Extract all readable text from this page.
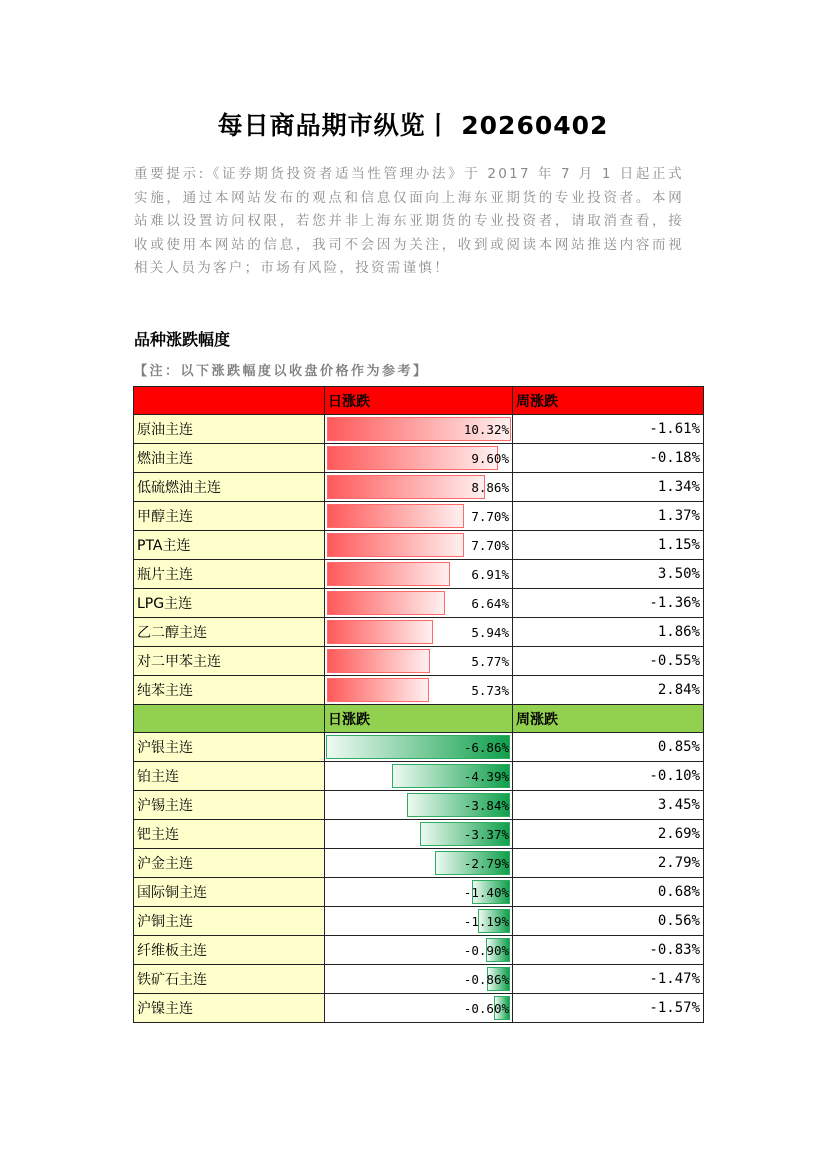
每日商品期市纵览丨 20260402
重要提示:《证券期货投资者适当性管理办法》于 2017 年 7 月 1 日起正式实施，通过本网站发布的观点和信息仅面向上海东亚期货的专业投资者。本网站难以设置访问权限，若您并非上海东亚期货的专业投资者，请取消查看，接收或使用本网站的信息，我司不会因为关注，收到或阅读本网站推送内容而视相关人员为客户；市场有风险，投资需谨慎！
品种涨跌幅度
【注：以下涨跌幅度以收盘价格作为参考】
	日涨跌	周涨跌
原油主连	10.32%	-1.61%
燃油主连	9.60%	-0.18%
低硫燃油主连	8.86%	1.34%
甲醇主连	7.70%	1.37%
PTA主连	7.70%	1.15%
瓶片主连	6.91%	3.50%
LPG主连	6.64%	-1.36%
乙二醇主连	5.94%	1.86%
对二甲苯主连	5.77%	-0.55%
纯苯主连	5.73%	2.84%
	日涨跌	周涨跌
沪银主连	-6.86%	0.85%
铂主连	-4.39%	-0.10%
沪锡主连	-3.84%	3.45%
钯主连	-3.37%	2.69%
沪金主连	-2.79%	2.79%
国际铜主连	-1.40%	0.68%
沪铜主连	-1.19%	0.56%
纤维板主连	-0.90%	-0.83%
铁矿石主连	-0.86%	-1.47%
沪镍主连	-0.60%	-1.57%
